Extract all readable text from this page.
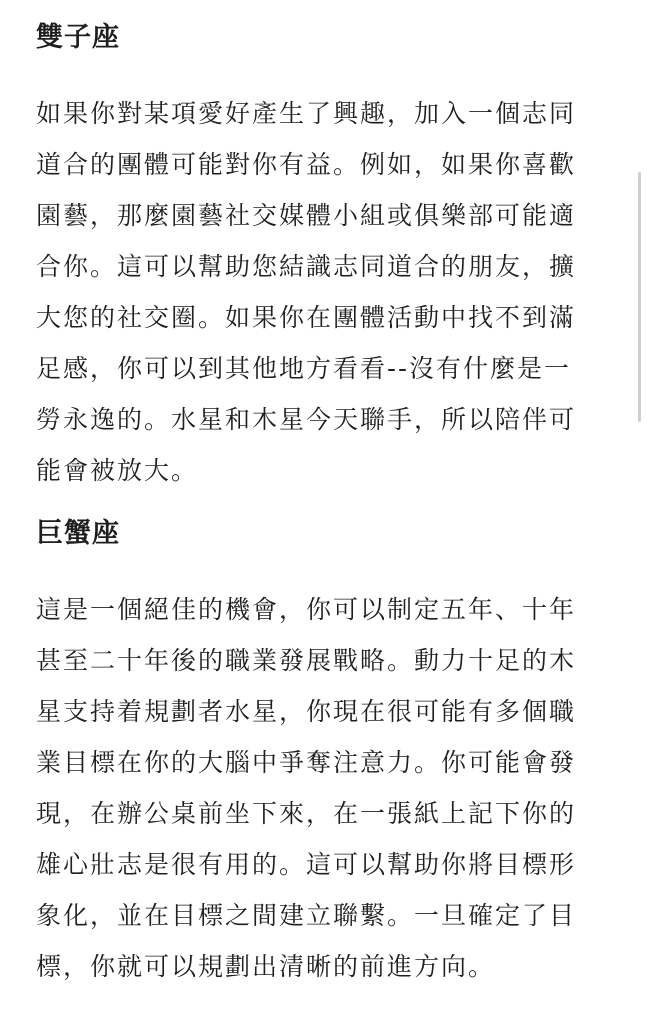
雙子座

如果你對某項愛好產生了興趣，加入一個志同
道合的團體可能對你有益。例如，如果你喜歡
園藝，那麼園藝社交媒體小組或俱樂部可能適
合你。這可以幫助您結識志同道合的朋友，擴
大您的社交圈。如果你在團體活動中找不到滿
足感，你可以到其他地方看看--沒有什麼是一
勞永逸的。水星和木星今天聯手，所以陪伴可
能會被放大。

巨蟹座

這是一個絕佳的機會，你可以制定五年、十年
甚至二十年後的職業發展戰略。動力十足的木
星支持着規劃者水星，你現在很可能有多個職
業目標在你的大腦中爭奪注意力。你可能會發
現，在辦公桌前坐下來，在一張紙上記下你的
雄心壯志是很有用的。這可以幫助你將目標形
象化，並在目標之間建立聯繫。一旦確定了目
標，你就可以規劃出清晰的前進方向。
